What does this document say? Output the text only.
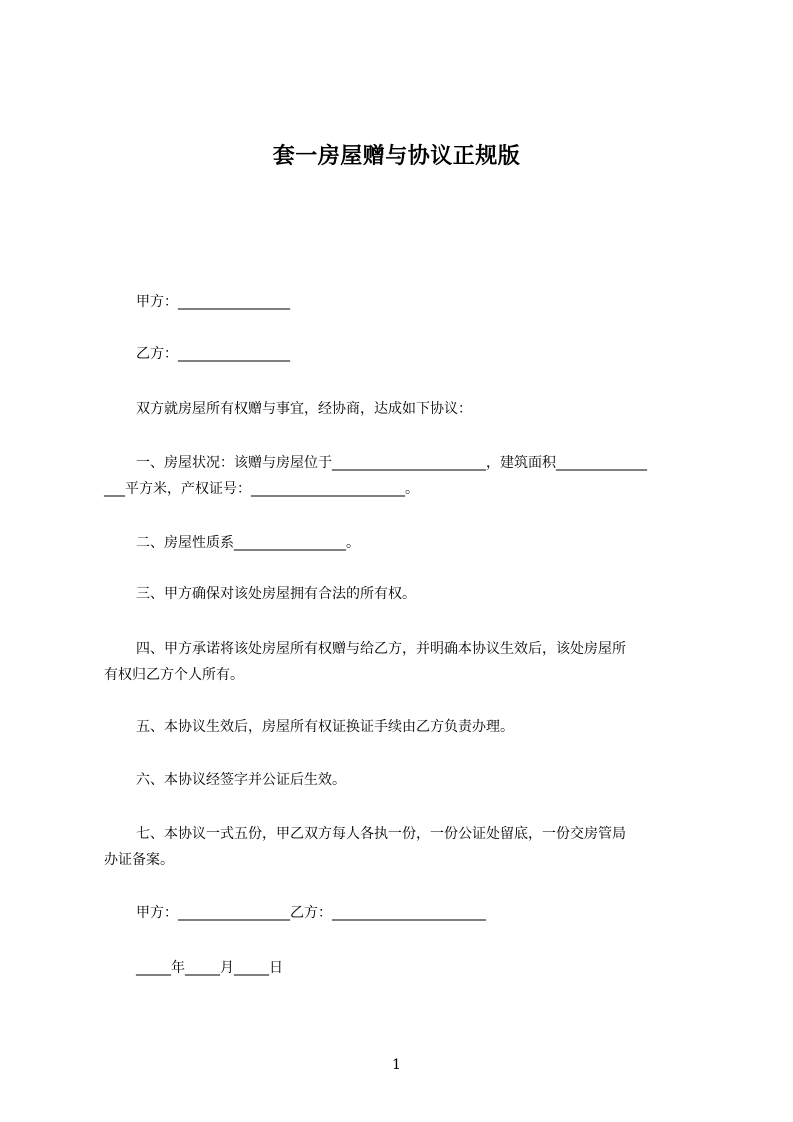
套一房屋赠与协议正规版
甲方：________________
乙方：________________
双方就房屋所有权赠与事宜，经协商，达成如下协议：
一、房屋状况：该赠与房屋位于______________________，建筑面积_____________
___平方米，产权证号：______________________。
二、房屋性质系________________。
三、甲方确保对该处房屋拥有合法的所有权。
四、甲方承诺将该处房屋所有权赠与给乙方，并明确本协议生效后，该处房屋所
有权归乙方个人所有。
五、本协议生效后，房屋所有权证换证手续由乙方负责办理。
六、本协议经签字并公证后生效。
七、本协议一式五份，甲乙双方每人各执一份，一份公证处留底，一份交房管局
办证备案。
甲方：________________乙方：______________________
_____年_____月_____日
1
